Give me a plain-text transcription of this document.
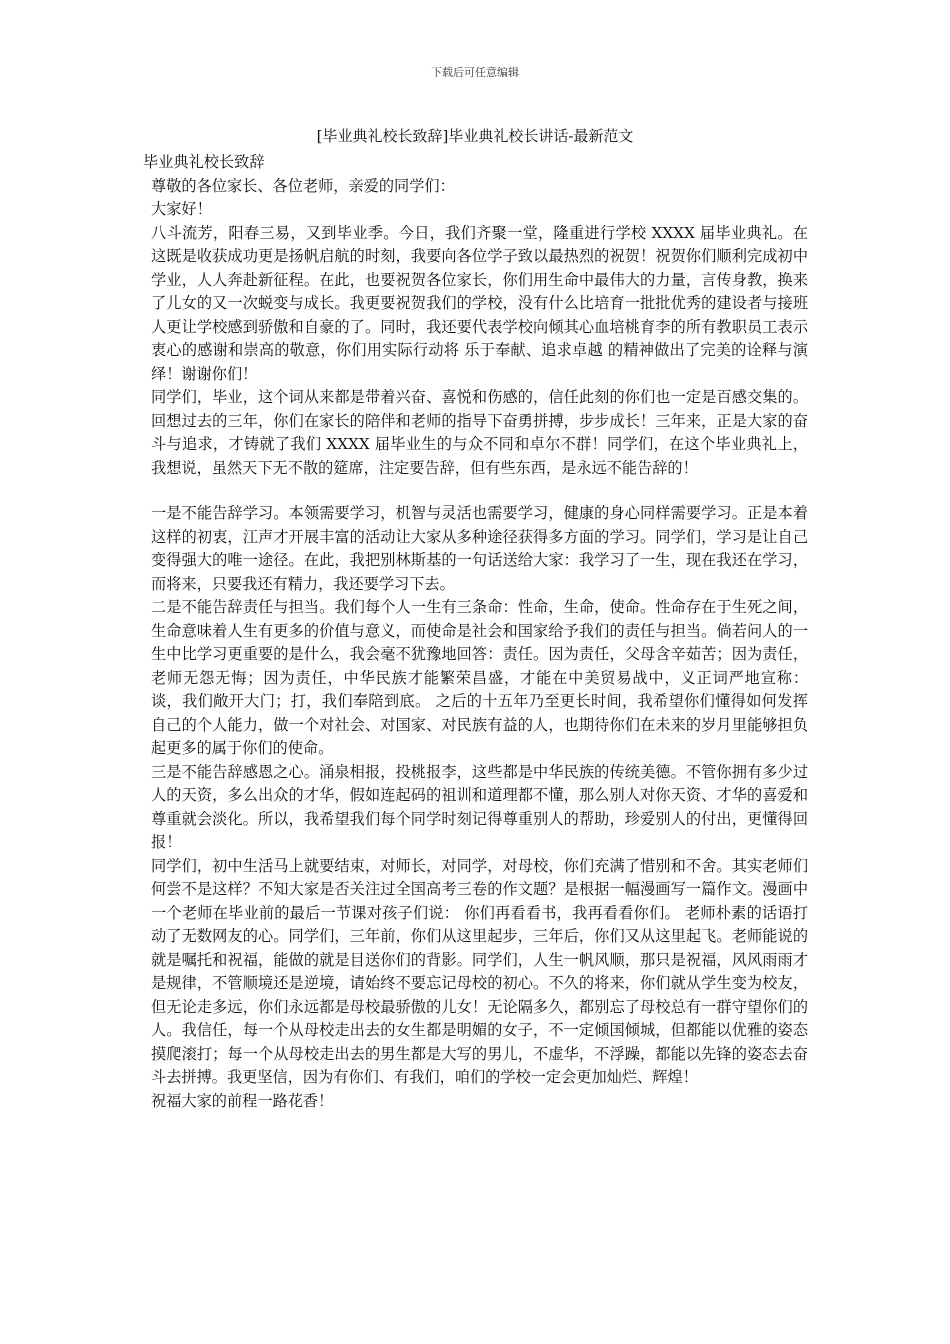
下载后可任意编辑
[毕业典礼校长致辞]毕业典礼校长讲话-最新范文

毕业典礼校长致辞

尊敬的各位家长、各位老师，亲爱的同学们：

大家好！

八斗流芳，阳春三易，又到毕业季。今日，我们齐聚一堂，隆重进行学校 XXXX 届毕业典礼。在这既是收获成功更是扬帆启航的时刻，我要向各位学子致以最热烈的祝贺！祝贺你们顺利完成初中学业，人人奔赴新征程。在此，也要祝贺各位家长，你们用生命中最伟大的力量，言传身教，换来了儿女的又一次蜕变与成长。我更要祝贺我们的学校，没有什么比培育一批批优秀的建设者与接班人更让学校感到骄傲和自豪的了。同时，我还要代表学校向倾其心血培桃育李的所有教职员工表示衷心的感谢和崇高的敬意，你们用实际行动将 乐于奉献、追求卓越 的精神做出了完美的诠释与演绎！谢谢你们！

同学们，毕业，这个词从来都是带着兴奋、喜悦和伤感的，信任此刻的你们也一定是百感交集的。回想过去的三年，你们在家长的陪伴和老师的指导下奋勇拼搏，步步成长！三年来，正是大家的奋斗与追求，才铸就了我们 XXXX 届毕业生的与众不同和卓尔不群！同学们，在这个毕业典礼上，我想说，虽然天下无不散的筵席，注定要告辞，但有些东西，是永远不能告辞的！

一是不能告辞学习。本领需要学习，机智与灵活也需要学习，健康的身心同样需要学习。正是本着这样的初衷，江声才开展丰富的活动让大家从多种途径获得多方面的学习。同学们，学习是让自己变得强大的唯一途径。在此，我把别林斯基的一句话送给大家：我学习了一生，现在我还在学习，而将来，只要我还有精力，我还要学习下去。

二是不能告辞责任与担当。我们每个人一生有三条命：性命，生命，使命。性命存在于生死之间，生命意味着人生有更多的价值与意义，而使命是社会和国家给予我们的责任与担当。倘若问人的一生中比学习更重要的是什么，我会毫不犹豫地回答：责任。因为责任，父母含辛茹苦；因为责任，老师无怨无悔；因为责任，中华民族才能繁荣昌盛，才能在中美贸易战中，义正词严地宣称： 谈，我们敞开大门；打，我们奉陪到底。 之后的十五年乃至更长时间，我希望你们懂得如何发挥自己的个人能力，做一个对社会、对国家、对民族有益的人，也期待你们在未来的岁月里能够担负起更多的属于你们的使命。

三是不能告辞感恩之心。涌泉相报，投桃报李，这些都是中华民族的传统美德。不管你拥有多少过人的天资，多么出众的才华，假如连起码的祖训和道理都不懂，那么别人对你天资、才华的喜爱和尊重就会淡化。所以，我希望我们每个同学时刻记得尊重别人的帮助，珍爱别人的付出，更懂得回报！

同学们，初中生活马上就要结束，对师长，对同学，对母校，你们充满了惜别和不舍。其实老师们何尝不是这样？不知大家是否关注过全国高考三卷的作文题？是根据一幅漫画写一篇作文。漫画中一个老师在毕业前的最后一节课对孩子们说： 你们再看看书，我再看看你们。 老师朴素的话语打动了无数网友的心。同学们，三年前，你们从这里起步，三年后，你们又从这里起飞。老师能说的就是嘱托和祝福，能做的就是目送你们的背影。同学们，人生一帆风顺，那只是祝福，风风雨雨才是规律，不管顺境还是逆境，请始终不要忘记母校的初心。不久的将来，你们就从学生变为校友，但无论走多远，你们永远都是母校最骄傲的儿女！无论隔多久，都别忘了母校总有一群守望你们的人。我信任，每一个从母校走出去的女生都是明媚的女子，不一定倾国倾城，但都能以优雅的姿态摸爬滚打；每一个从母校走出去的男生都是大写的男儿，不虚华，不浮躁，都能以先锋的姿态去奋斗去拼搏。我更坚信，因为有你们、有我们，咱们的学校一定会更加灿烂、辉煌！

祝福大家的前程一路花香！
